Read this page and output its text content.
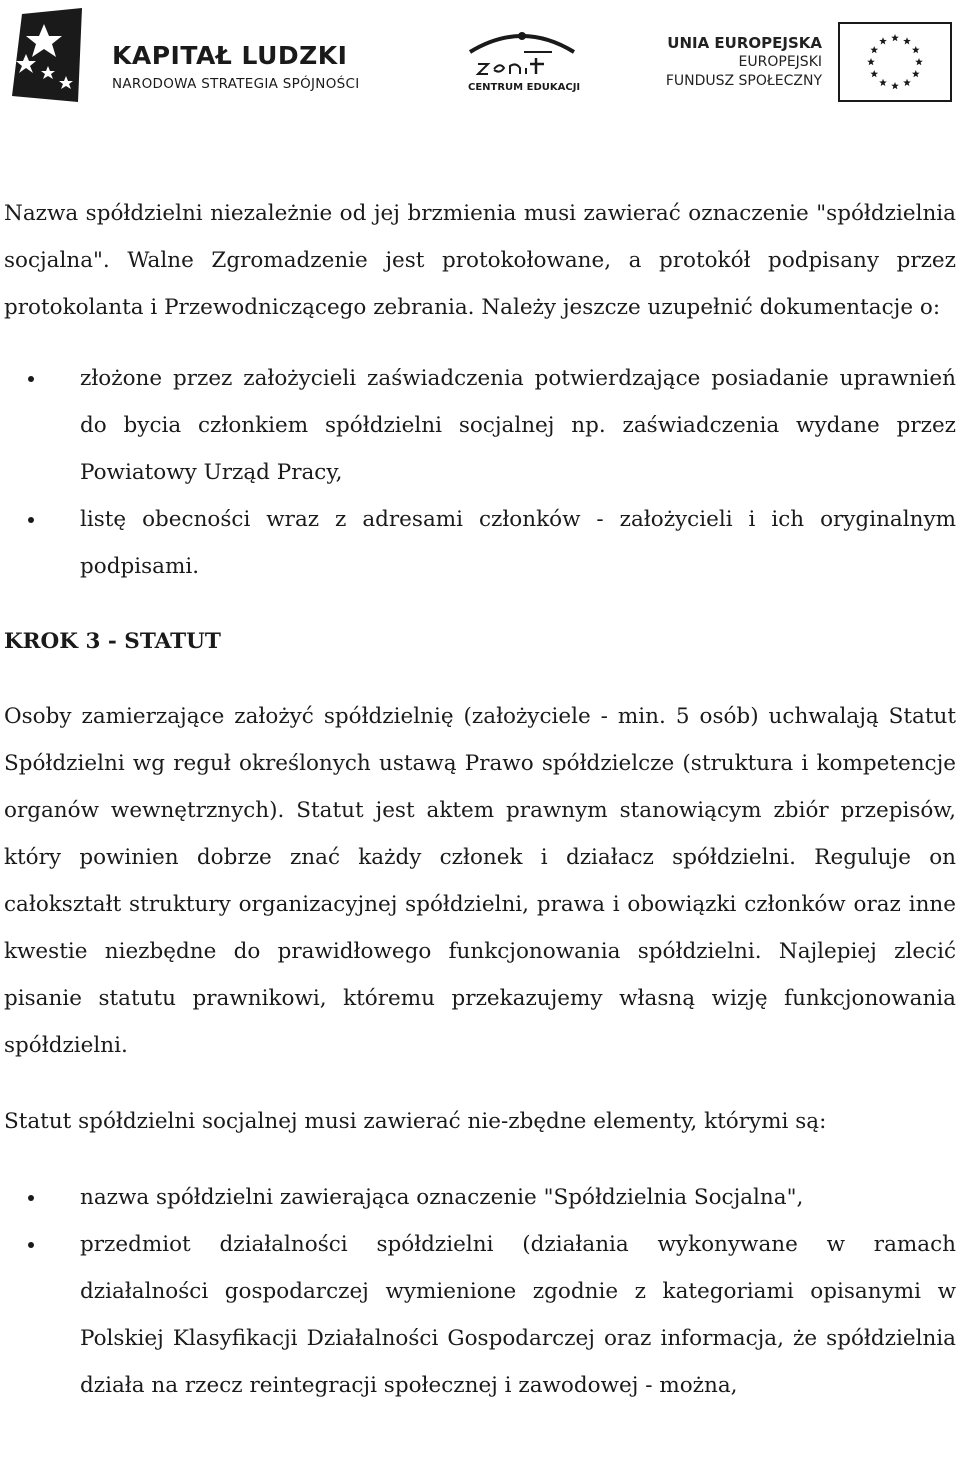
KAPITAŁ LUDZKI
NARODOWA STRATEGIA SPÓJNOŚCI	CENTRUM EDUKACJI
UNIA EUROPEJSKA
EUROPEJSKI
FUNDUSZ SPOŁECZNY

Nazwa spółdzielni niezależnie od jej brzmienia musi zawierać oznaczenie "spółdzielnia socjalna". Walne Zgromadzenie jest protokołowane, a protokół podpisany przez protokolanta i Przewodniczącego zebrania. Należy jeszcze uzupełnić dokumentacje o:

złożone przez założycieli zaświadczenia potwierdzające posiadanie uprawnień do bycia członkiem spółdzielni socjalnej np. zaświadczenia wydane przez Powiatowy Urząd Pracy,
listę obecności wraz z adresami członków - założycieli i ich oryginalnym podpisami.
KROK 3 - STATUT

Osoby zamierzające założyć spółdzielnię (założyciele - min. 5 osób) uchwalają Statut Spółdzielni wg reguł określonych ustawą Prawo spółdzielcze (struktura i kompetencje organów wewnętrznych). Statut jest aktem prawnym stanowiącym zbiór przepisów, który powinien dobrze znać każdy członek i działacz spółdzielni. Reguluje on całokształt struktury organizacyjnej spółdzielni, prawa i obowiązki członków oraz inne kwestie niezbędne do prawidłowego funkcjonowania spółdzielni. Najlepiej zlecić pisanie statutu prawnikowi, któremu przekazujemy własną wizję funkcjonowania spółdzielni.

Statut spółdzielni socjalnej musi zawierać nie-zbędne elementy, którymi są:

nazwa spółdzielni zawierająca oznaczenie "Spółdzielnia Socjalna",
przedmiot działalności spółdzielni (działania wykonywane w ramach działalności gospodarczej wymienione zgodnie z kategoriami opisanymi w Polskiej Klasyfikacji Działalności Gospodarczej oraz informacja, że spółdzielnia działa na rzecz reintegracji społecznej i zawodowej - można,
